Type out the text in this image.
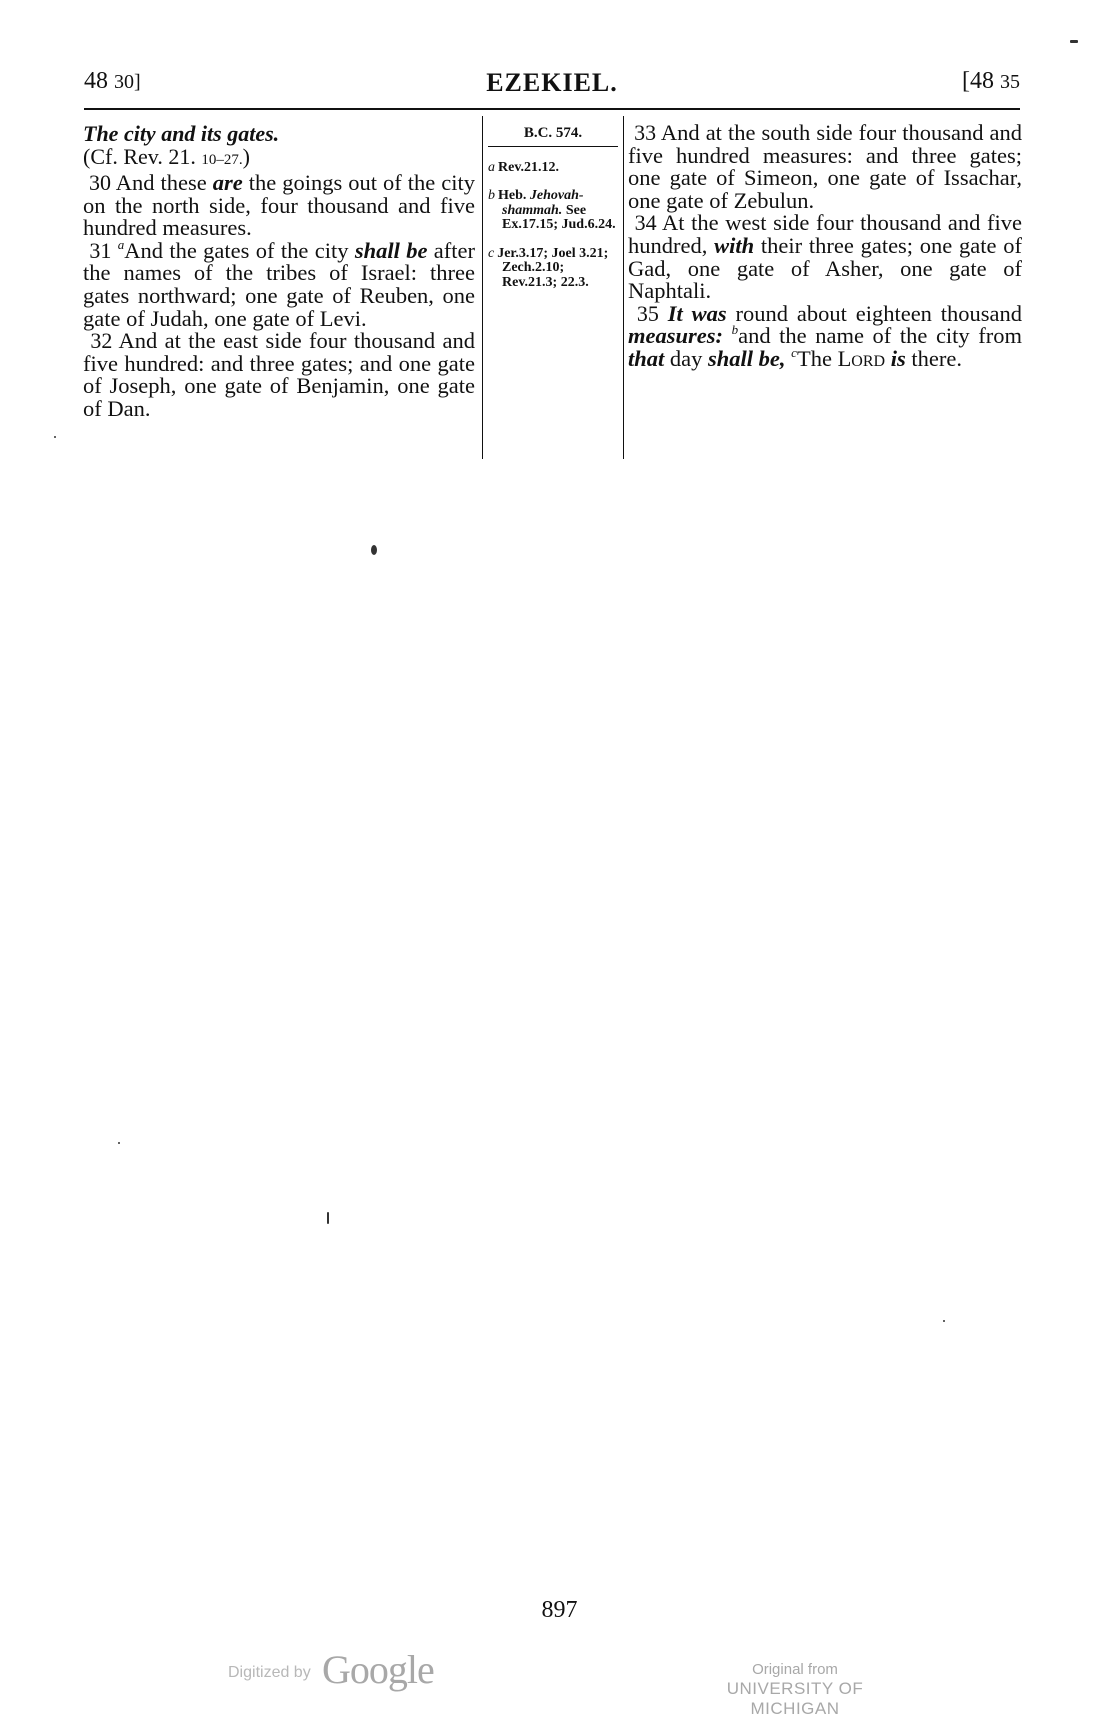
48 30]	EZEKIEL.	[48 35

The city and its gates.

(Cf. Rev. 21. 10–27.)

30 And these are the goings out of the city on the north side, four thousand and five hundred measures.

31 $^a$And the gates of the city shall be after the names of the tribes of Israel: three gates northward; one gate of Reuben, one gate of Judah, one gate of Levi.

32 And at the east side four thousand and five hundred: and three gates; and one gate of Joseph, one gate of Benjamin, one gate of Dan.

B.C. 574.

a Rev.21.12.

b Heb. Jehovah-shammah. See Ex.17.15; Jud.6.24.

c Jer.3.17; Joel 3.21; Zech.2.10; Rev.21.3; 22.3.

33 And at the south side four thousand and five hundred measures: and three gates; one gate of Simeon, one gate of Issachar, one gate of Zebulun.

34 At the west side four thousand and five hundred, with their three gates; one gate of Gad, one gate of Asher, one gate of Naphtali.

35 It was round about eighteen thousand measures: $^b$and the name of the city from that day shall be, $^c$The Lord is there.

897
Digitized by Google	Original from
UNIVERSITY OF MICHIGAN
